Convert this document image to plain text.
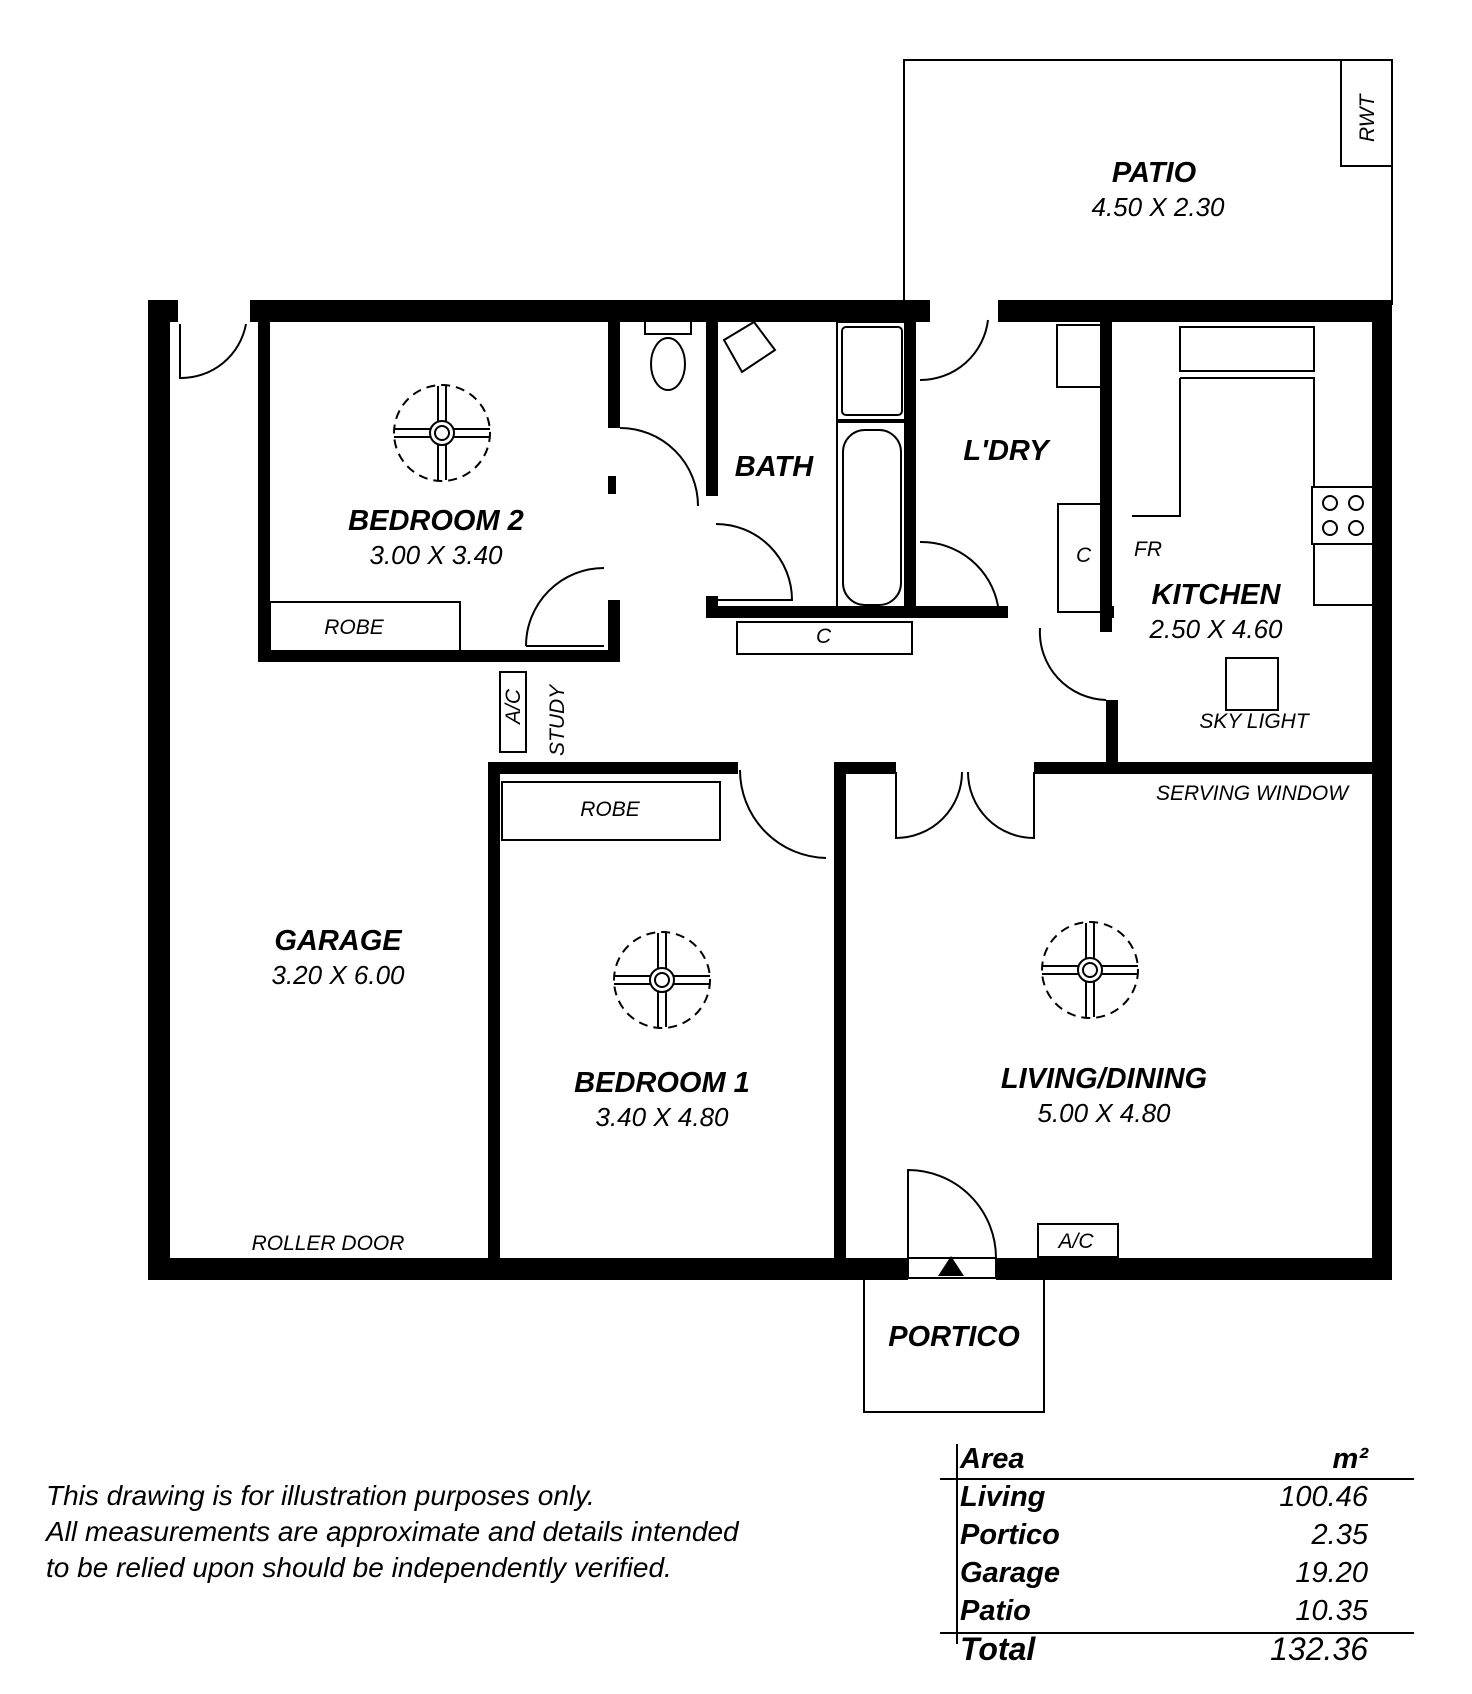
PATIO
4.50 X 2.30
BEDROOM 2
3.00 X 3.40
BATH	L'DRY
KITCHEN
2.50 X 4.60
GARAGE
3.20 X 6.00
BEDROOM 1
3.40 X 4.80
LIVING/DINING
5.00 X 4.80
PORTICO
RWT
ROBE
ROBE
A/C STUDY
C
C FR
SKY LIGHT
SERVING WINDOW
ROLLER DOOR	A/C
This drawing is for illustration purposes only.
All measurements are approximate and details intended
to be relied upon should be independently verified.
Area	m²
Living	100.46
Portico	2.35
Garage	19.20
Patio	10.35
Total	132.36
